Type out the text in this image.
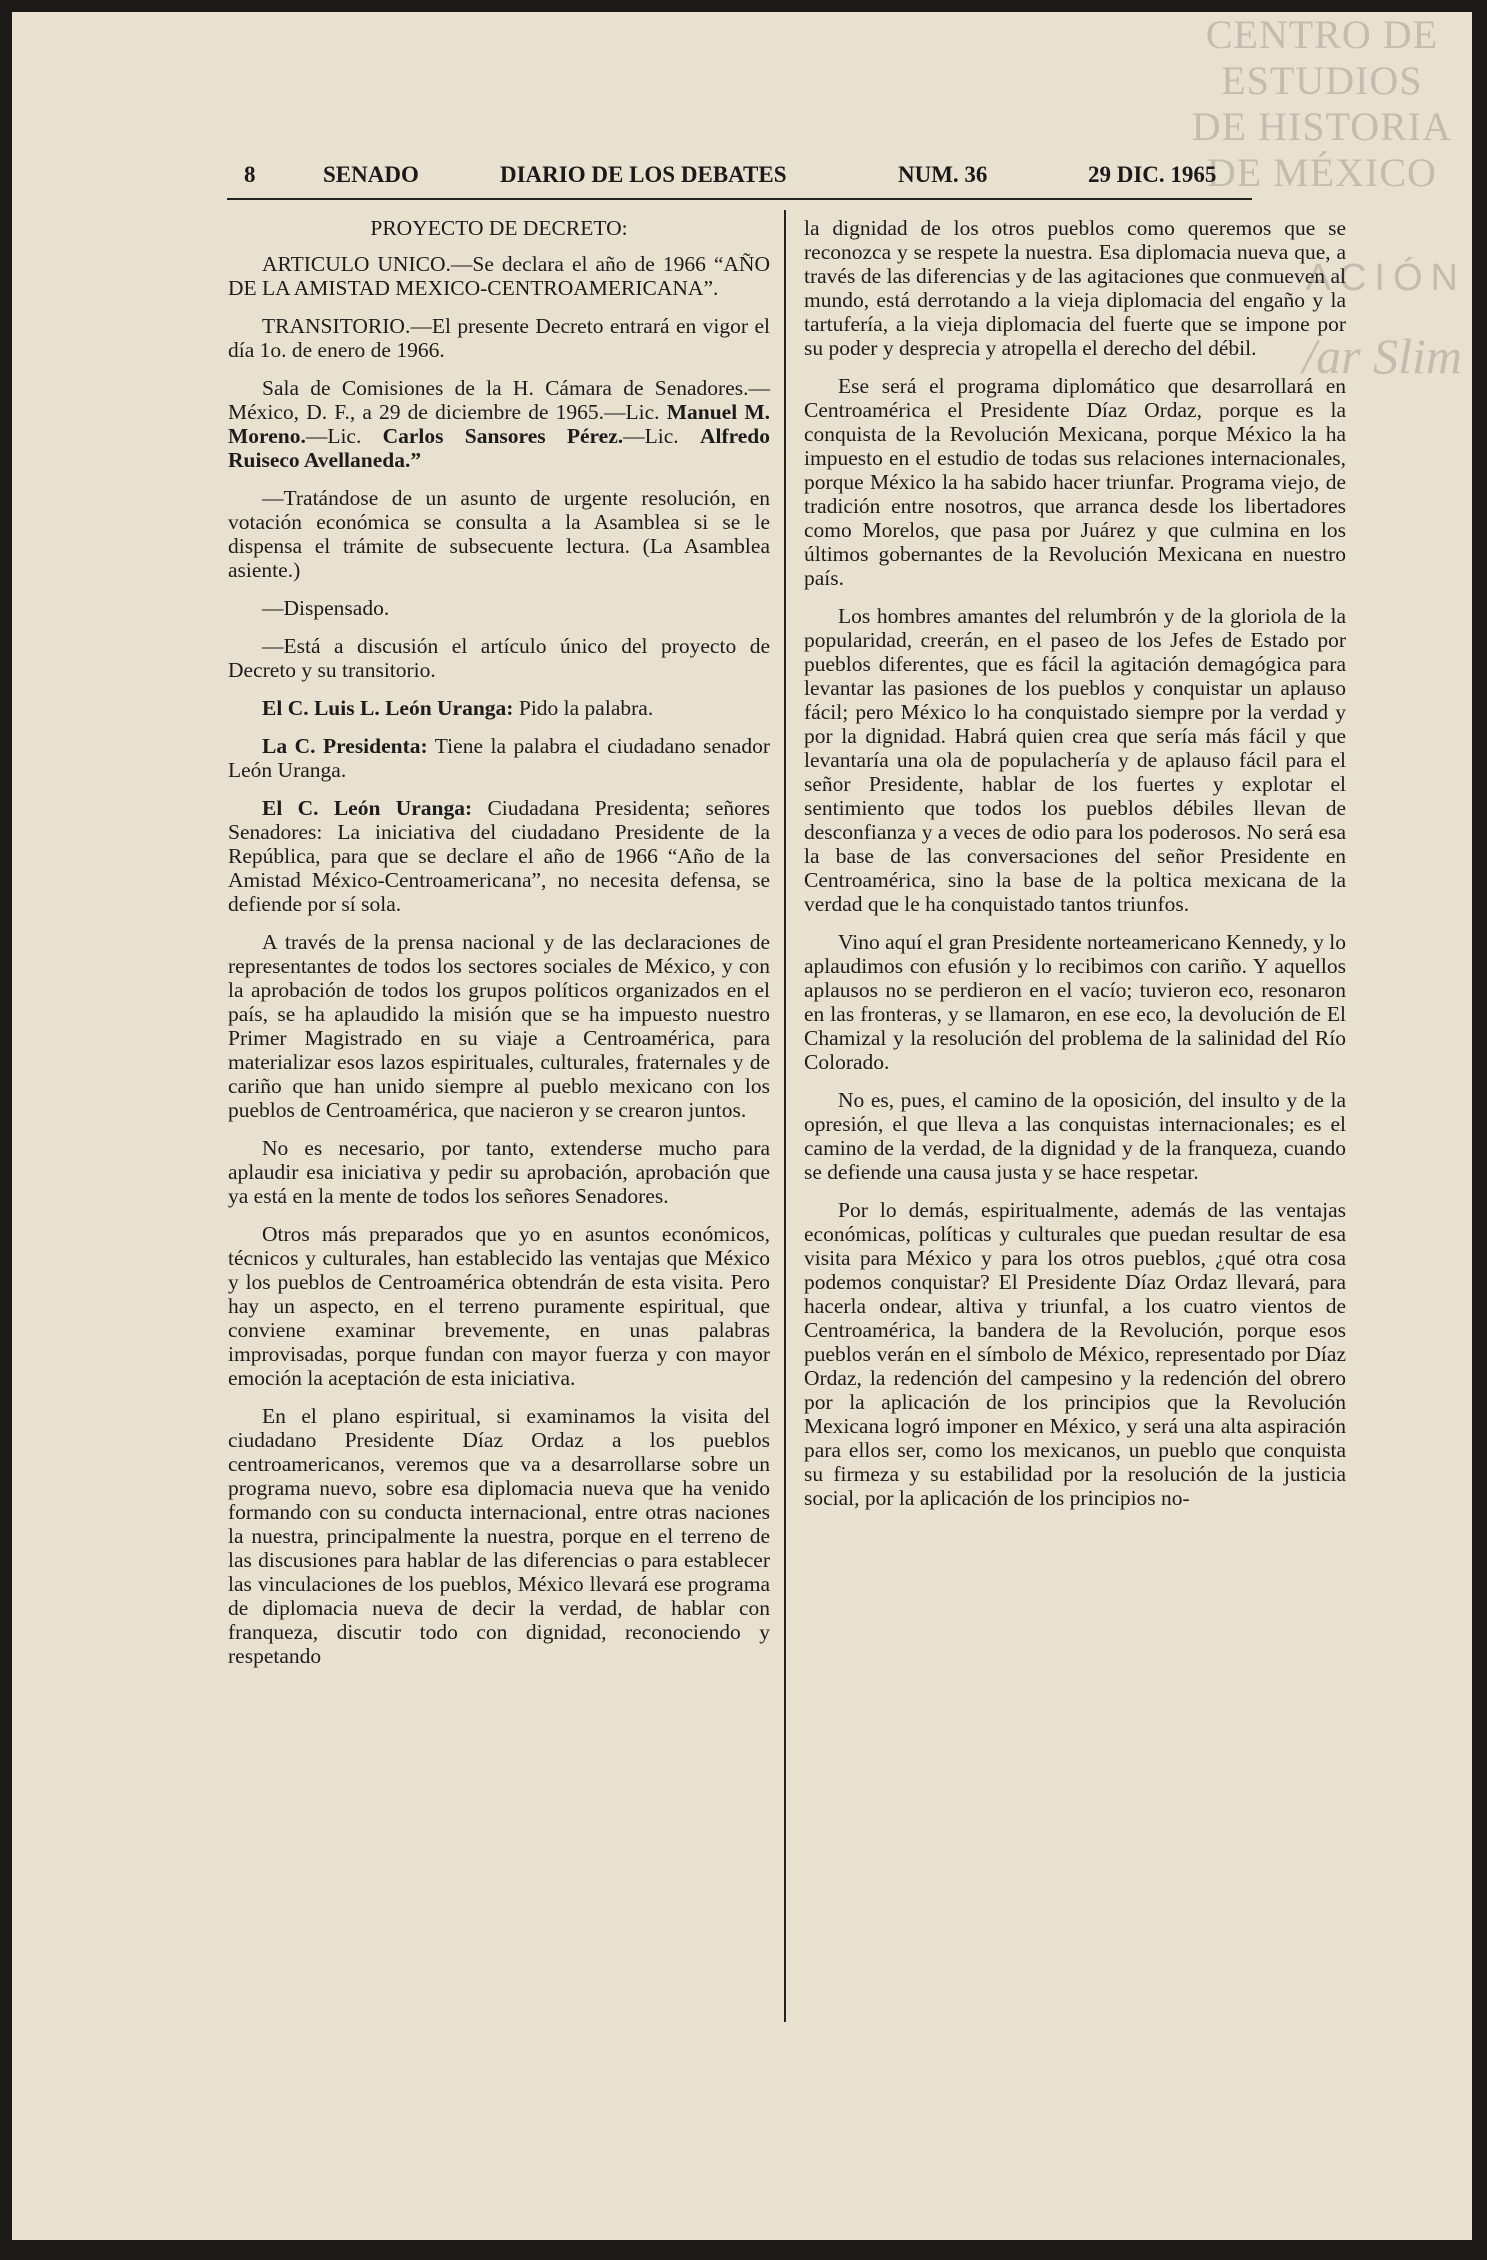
CENTRO DE
ESTUDIOS
DE HISTORIA
DE MÉXICO
ACIÓN
/ar Slim
8	SENADO	DIARIO DE LOS DEBATES	NUM. 36	29 DIC. 1965

PROYECTO DE DECRETO:

ARTICULO UNICO.—Se declara el año de 1966 “AÑO DE LA AMISTAD MEXICO-CENTROAMERICANA”.

TRANSITORIO.—El presente Decreto entrará en vigor el día 1o. de enero de 1966.

Sala de Comisiones de la H. Cámara de Senadores.—México, D. F., a 29 de diciembre de 1965.—Lic. Manuel M. Moreno.—Lic. Carlos Sansores Pérez.—Lic. Alfredo Ruiseco Avellaneda.”

—Tratándose de un asunto de urgente resolución, en votación económica se consulta a la Asamblea si se le dispensa el trámite de subsecuente lectura. (La Asamblea asiente.)

—Dispensado.

—Está a discusión el artículo único del proyecto de Decreto y su transitorio.

El C. Luis L. León Uranga: Pido la palabra.

La C. Presidenta: Tiene la palabra el ciudadano senador León Uranga.

El C. León Uranga: Ciudadana Presidenta; señores Senadores: La iniciativa del ciudadano Presidente de la República, para que se declare el año de 1966 “Año de la Amistad México-Centroamericana”, no necesita defensa, se defiende por sí sola.

A través de la prensa nacional y de las declaraciones de representantes de todos los sectores sociales de México, y con la aprobación de todos los grupos políticos organizados en el país, se ha aplaudido la misión que se ha impuesto nuestro Primer Magistrado en su viaje a Centroamérica, para materializar esos lazos espirituales, culturales, fraternales y de cariño que han unido siempre al pueblo mexicano con los pueblos de Centroamérica, que nacieron y se crearon juntos.

No es necesario, por tanto, extenderse mucho para aplaudir esa iniciativa y pedir su aprobación, aprobación que ya está en la mente de todos los señores Senadores.

Otros más preparados que yo en asuntos económicos, técnicos y culturales, han establecido las ventajas que México y los pueblos de Centroamérica obtendrán de esta visita. Pero hay un aspecto, en el terreno puramente espiritual, que conviene examinar brevemente, en unas palabras improvisadas, porque fundan con mayor fuerza y con mayor emoción la aceptación de esta iniciativa.

En el plano espiritual, si examinamos la visita del ciudadano Presidente Díaz Ordaz a los pueblos centroamericanos, veremos que va a desarrollarse sobre un programa nuevo, sobre esa diplomacia nueva que ha venido formando con su conducta internacional, entre otras naciones la nuestra, principalmente la nuestra, porque en el terreno de las discusiones para hablar de las diferencias o para establecer las vinculaciones de los pueblos, México llevará ese programa de diplomacia nueva de decir la verdad, de hablar con franqueza, discutir todo con dignidad, reconociendo y respetando

la dignidad de los otros pueblos como queremos que se reconozca y se respete la nuestra. Esa diplomacia nueva que, a través de las diferencias y de las agitaciones que conmueven al mundo, está derrotando a la vieja diplomacia del engaño y la tartufería, a la vieja diplomacia del fuerte que se impone por su poder y desprecia y atropella el derecho del débil.

Ese será el programa diplomático que desarrollará en Centroamérica el Presidente Díaz Ordaz, porque es la conquista de la Revolución Mexicana, porque México la ha impuesto en el estudio de todas sus relaciones internacionales, porque México la ha sabido hacer triunfar. Programa viejo, de tradición entre nosotros, que arranca desde los libertadores como Morelos, que pasa por Juárez y que culmina en los últimos gobernantes de la Revolución Mexicana en nuestro país.

Los hombres amantes del relumbrón y de la gloriola de la popularidad, creerán, en el paseo de los Jefes de Estado por pueblos diferentes, que es fácil la agitación demagógica para levantar las pasiones de los pueblos y conquistar un aplauso fácil; pero México lo ha conquistado siempre por la verdad y por la dignidad. Habrá quien crea que sería más fácil y que levantaría una ola de populachería y de aplauso fácil para el señor Presidente, hablar de los fuertes y explotar el sentimiento que todos los pueblos débiles llevan de desconfianza y a veces de odio para los poderosos. No será esa la base de las conversaciones del señor Presidente en Centroamérica, sino la base de la poltica mexicana de la verdad que le ha conquistado tantos triunfos.

Vino aquí el gran Presidente norteamericano Kennedy, y lo aplaudimos con efusión y lo recibimos con cariño. Y aquellos aplausos no se perdieron en el vacío; tuvieron eco, resonaron en las fronteras, y se llamaron, en ese eco, la devolución de El Chamizal y la resolución del problema de la salinidad del Río Colorado.

No es, pues, el camino de la oposición, del insulto y de la opresión, el que lleva a las conquistas internacionales; es el camino de la verdad, de la dignidad y de la franqueza, cuando se defiende una causa justa y se hace respetar.

Por lo demás, espiritualmente, además de las ventajas económicas, políticas y culturales que puedan resultar de esa visita para México y para los otros pueblos, ¿qué otra cosa podemos conquistar? El Presidente Díaz Ordaz llevará, para hacerla ondear, altiva y triunfal, a los cuatro vientos de Centroamérica, la bandera de la Revolución, porque esos pueblos verán en el símbolo de México, representado por Díaz Ordaz, la redención del campesino y la redención del obrero por la aplicación de los principios que la Revolución Mexicana logró imponer en México, y será una alta aspiración para ellos ser, como los mexicanos, un pueblo que conquista su firmeza y su estabilidad por la resolución de la justicia social, por la aplicación de los principios no-
